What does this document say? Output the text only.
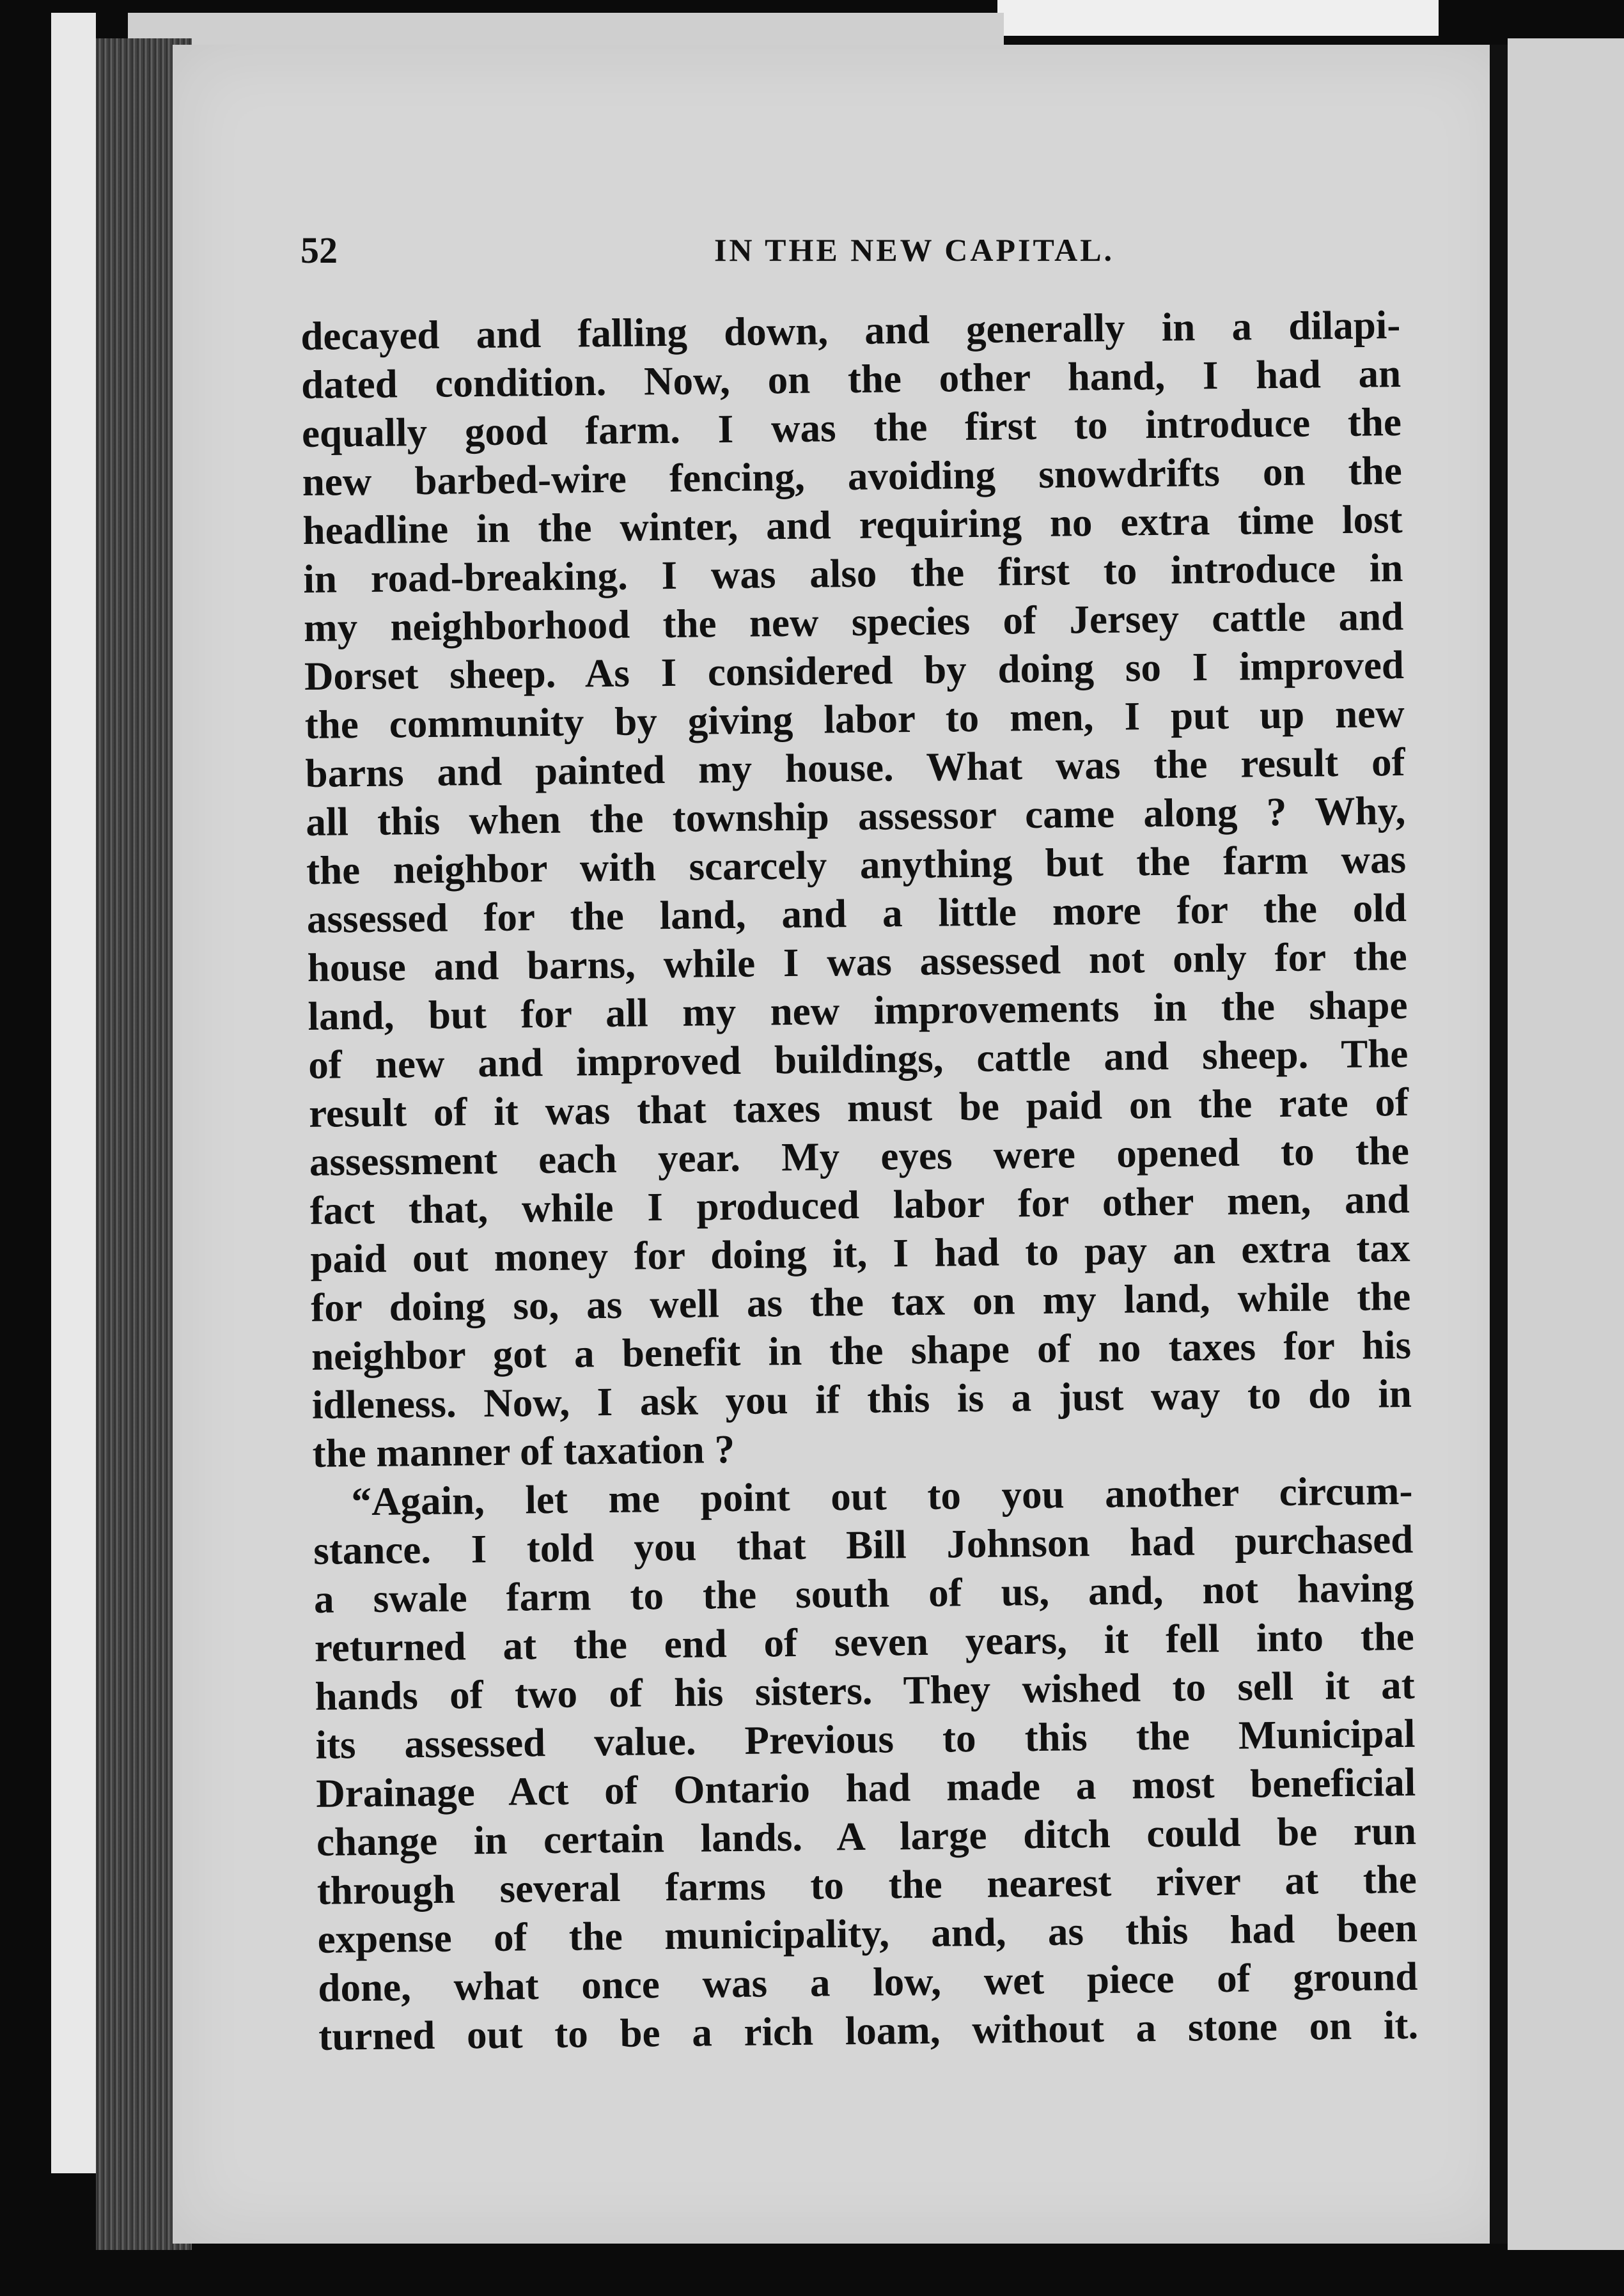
52	IN THE NEW CAPITAL.
decayed and falling down, and generally in a dilapi-
dated condition. Now, on the other hand, I had an
equally good farm. I was the first to introduce the
new barbed-wire fencing, avoiding snowdrifts on the
headline in the winter, and requiring no extra time lost
in road-breaking. I was also the first to introduce in
my neighborhood the new species of Jersey cattle and
Dorset sheep. As I considered by doing so I improved
the community by giving labor to men, I put up new
barns and painted my house. What was the result of
all this when the township assessor came along ? Why,
the neighbor with scarcely anything but the farm was
assessed for the land, and a little more for the old
house and barns, while I was assessed not only for the
land, but for all my new improvements in the shape
of new and improved buildings, cattle and sheep. The
result of it was that taxes must be paid on the rate of
assessment each year. My eyes were opened to the
fact that, while I produced labor for other men, and
paid out money for doing it, I had to pay an extra tax
for doing so, as well as the tax on my land, while the
neighbor got a benefit in the shape of no taxes for his
idleness. Now, I ask you if this is a just way to do in
the manner of taxation ?
“Again, let me point out to you another circum-
stance. I told you that Bill Johnson had purchased
a swale farm to the south of us, and, not having
returned at the end of seven years, it fell into the
hands of two of his sisters. They wished to sell it at
its assessed value. Previous to this the Municipal
Drainage Act of Ontario had made a most beneficial
change in certain lands. A large ditch could be run
through several farms to the nearest river at the
expense of the municipality, and, as this had been
done, what once was a low, wet piece of ground
turned out to be a rich loam, without a stone on it.
